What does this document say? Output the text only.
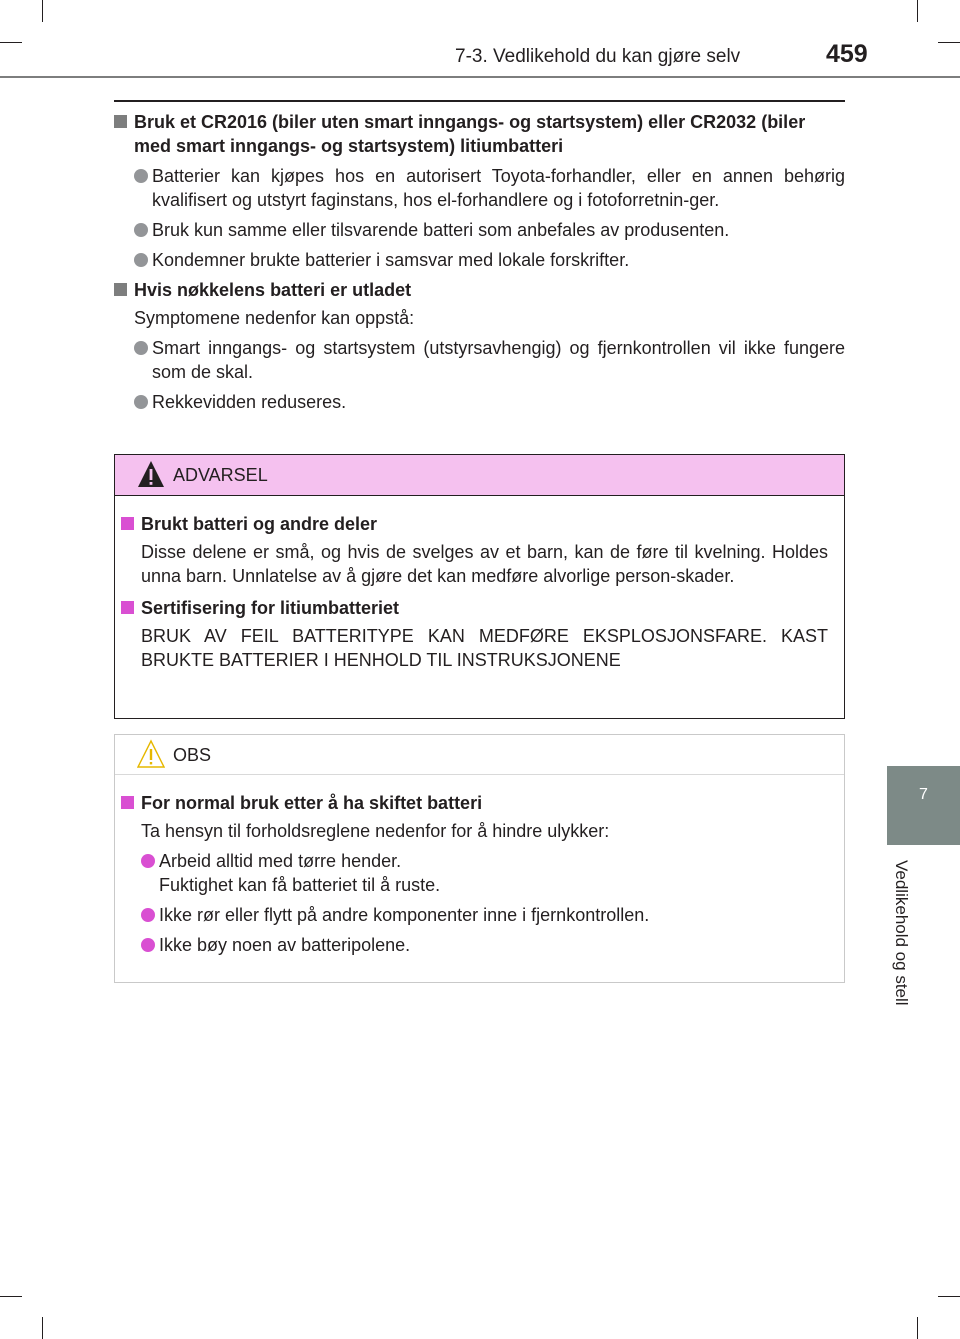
7-3. Vedlikehold du kan gjøre selv	459
7
Vedlikehold og stell
Bruk et CR2016 (biler uten smart inngangs- og startsystem) eller CR2032 (biler med smart inngangs- og startsystem) litiumbatteri
Batterier kan kjøpes hos en autorisert Toyota-forhandler, eller en annen behørig kvalifisert og utstyrt faginstans, hos el-forhandlere og i fotoforretnin-ger.
Bruk kun samme eller tilsvarende batteri som anbefales av produsenten.
Kondemner brukte batterier i samsvar med lokale forskrifter.
Hvis nøkkelens batteri er utladet
Symptomene nedenfor kan oppstå:
Smart inngangs- og startsystem (utstyrsavhengig) og fjernkontrollen vil ikke fungere som de skal.
Rekkevidden reduseres.
ADVARSEL
Brukt batteri og andre deler
Disse delene er små, og hvis de svelges av et barn, kan de føre til kvelning. Holdes unna barn. Unnlatelse av å gjøre det kan medføre alvorlige person-skader.
Sertifisering for litiumbatteriet
BRUK AV FEIL BATTERITYPE KAN MEDFØRE EKSPLOSJONSFARE. KAST BRUKTE BATTERIER I HENHOLD TIL INSTRUKSJONENE
OBS
For normal bruk etter å ha skiftet batteri
Ta hensyn til forholdsreglene nedenfor for å hindre ulykker:
Arbeid alltid med tørre hender.
Fuktighet kan få batteriet til å ruste.
Ikke rør eller flytt på andre komponenter inne i fjernkontrollen.
Ikke bøy noen av batteripolene.
